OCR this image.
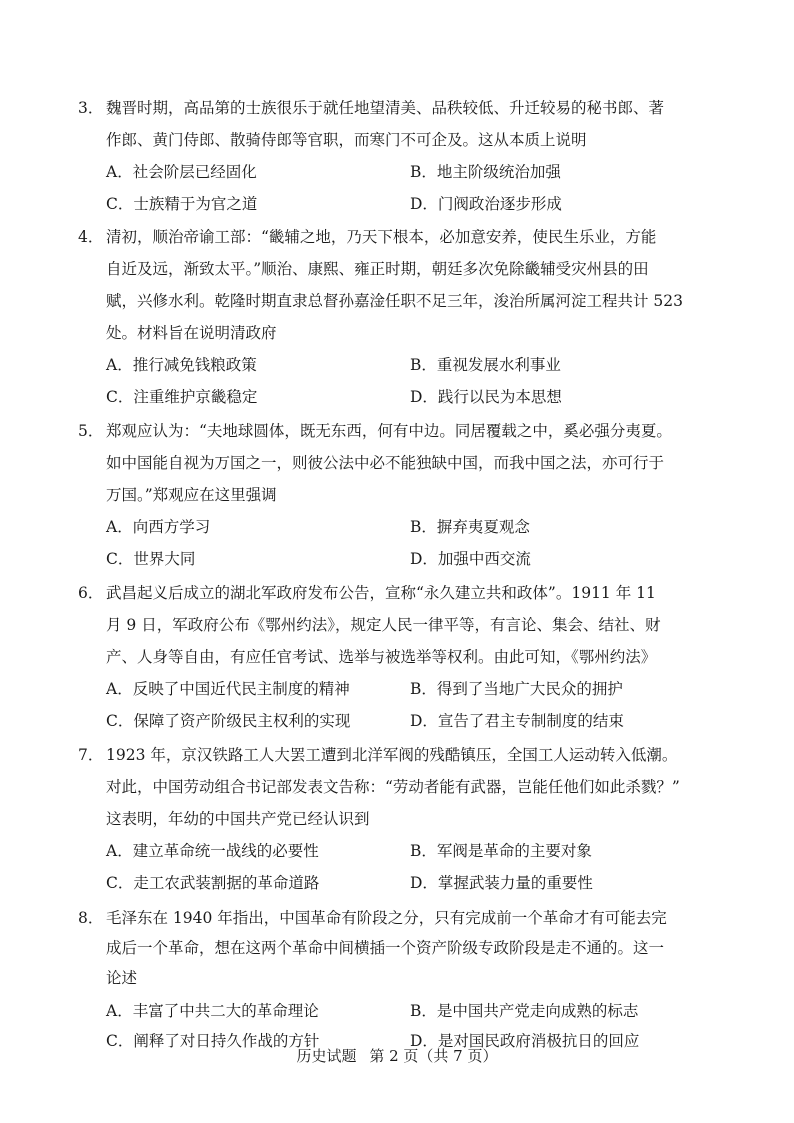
3． 魏晋时期，高品第的士族很乐于就任地望清美、品秩较低、升迁较易的秘书郎、著
作郎、黄门侍郎、散骑侍郎等官职，而寒门不可企及。这从本质上说明
A．社会阶层已经固化	B．地主阶级统治加强
C．士族精于为官之道	D．门阀政治逐步形成
4． 清初，顺治帝谕工部：“畿辅之地，乃天下根本，必加意安养，使民生乐业，方能
自近及远，渐致太平。”顺治、康熙、雍正时期，朝廷多次免除畿辅受灾州县的田
赋，兴修水利。乾隆时期直隶总督孙嘉淦任职不足三年，浚治所属河淀工程共计 523
处。材料旨在说明清政府
A．推行减免钱粮政策	B．重视发展水利事业
C．注重维护京畿稳定	D．践行以民为本思想
5． 郑观应认为：“夫地球圆体，既无东西，何有中边。同居覆载之中，奚必强分夷夏。
如中国能自视为万国之一，则彼公法中必不能独缺中国，而我中国之法，亦可行于
万国。”郑观应在这里强调
A．向西方学习	B．摒弃夷夏观念
C．世界大同	D．加强中西交流
6． 武昌起义后成立的湖北军政府发布公告，宣称“永久建立共和政体”。1911 年 11
月 9 日，军政府公布《鄂州约法》，规定人民一律平等，有言论、集会、结社、财
产、人身等自由，有应任官考试、选举与被选举等权利。由此可知，《鄂州约法》
A．反映了中国近代民主制度的精神	B．得到了当地广大民众的拥护
C．保障了资产阶级民主权利的实现	D．宣告了君主专制制度的结束
7． 1923 年，京汉铁路工人大罢工遭到北洋军阀的残酷镇压，全国工人运动转入低潮。
对此，中国劳动组合书记部发表文告称：“劳动者能有武器，岂能任他们如此杀戮？”
这表明，年幼的中国共产党已经认识到
A．建立革命统一战线的必要性	B．军阀是革命的主要对象
C．走工农武装割据的革命道路	D．掌握武装力量的重要性
8． 毛泽东在 1940 年指出，中国革命有阶段之分，只有完成前一个革命才有可能去完
成后一个革命，想在这两个革命中间横插一个资产阶级专政阶段是走不通的。这一
论述
A．丰富了中共二大的革命理论	B．是中国共产党走向成熟的标志
C．阐释了对日持久作战的方针	D．是对国民政府消极抗日的回应
历史试题 第 2 页（共 7 页）
